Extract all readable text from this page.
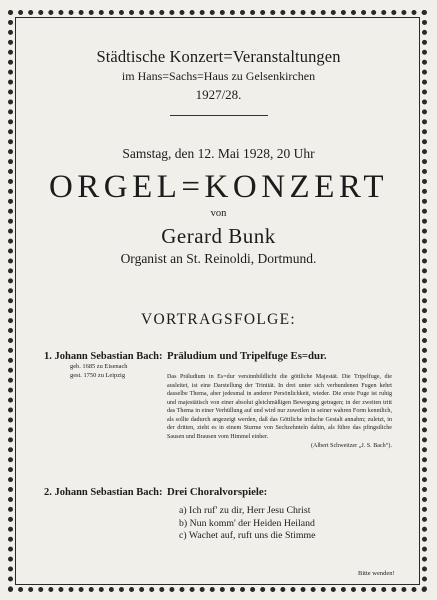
Städtische Konzert=Veranstaltungen

im Hans=Sachs=Haus zu Gelsenkirchen

1927/28.

Samstag, den 12. Mai 1928, 20 Uhr

ORGEL=KONZERT

von

Gerard Bunk

Organist an St. Reinoldi, Dortmund.

VORTRAGSFOLGE:

1. Johann Sebastian Bach:
geb. 1685 zu Eisenach
gest. 1750 zu Leipzig
Präludium und Tripelfuge Es=dur.

Das Präludium in Es=dur versinnbildlicht die göttliche Majestät. Die Tripelfuge, die ausleitet, ist eine Darstellung der Trinität. In drei unter sich verbundenen Fugen kehrt dasselbe Thema, aber jedesmal in anderer Persönlichkeit, wieder. Die erste Fuge ist ruhig und majestätisch von einer absolut gleichmäßigen Bewegung getragen; in der zweiten tritt das Thema in einer Verhüllung auf und wird nur zuweilen in seiner wahren Form kenntlich, als sollte dadurch angezeigt werden, daß das Göttliche irdische Gestalt annahm; zuletzt, in der dritten, zieht es in einem Sturme von Sechzehnteln dahin, als führe das pfingstliche Sausen und Brausen vom Himmel einher.

(Albert Schweitzer „J. S. Bach“).
2. Johann Sebastian Bach: Drei Choralvorspiele:
a) Ich ruf' zu dir, Herr Jesu Christ
b) Nun komm' der Heiden Heiland
c) Wachet auf, ruft uns die Stimme
Bitte wenden!
